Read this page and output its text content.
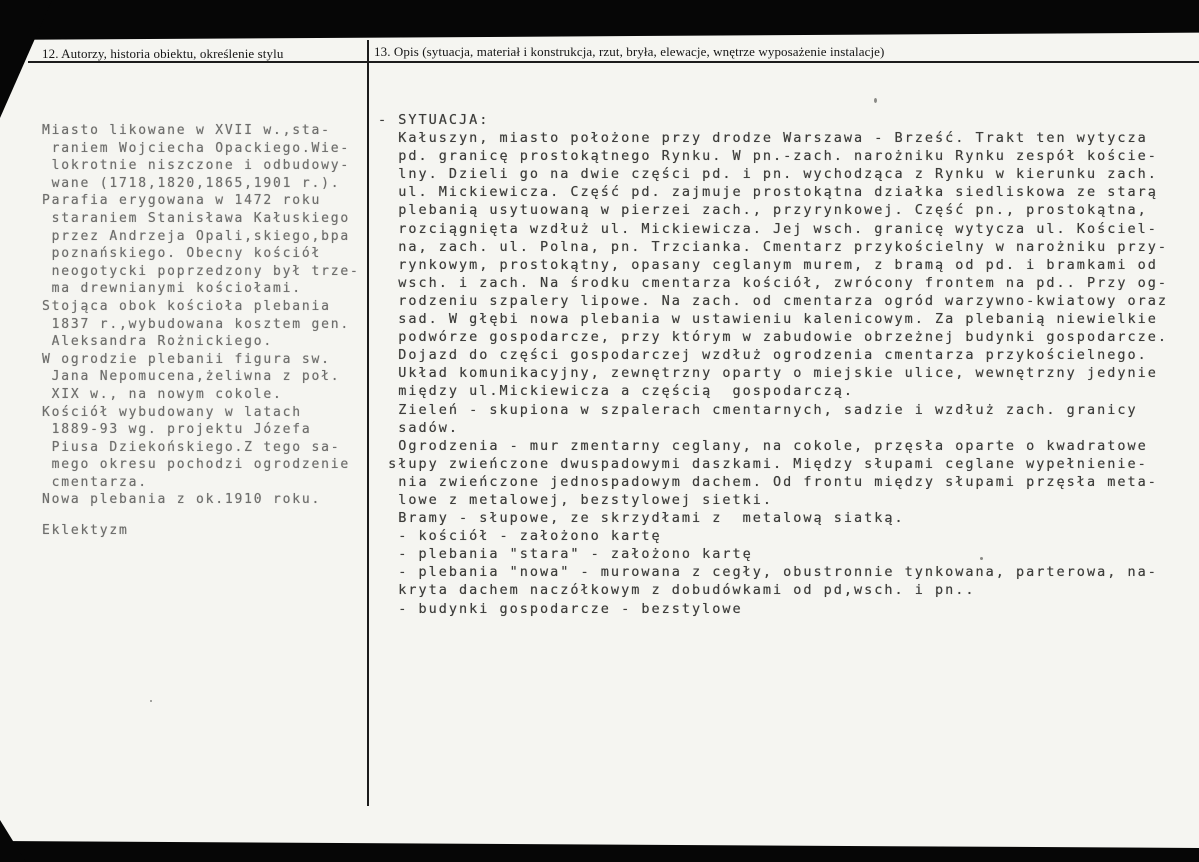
12. Autorzy, historia obiektu, określenie stylu	13. Opis (sytuacja, materiał i konstrukcja, rzut, bryła, elewacje, wnętrze wyposażenie instalacje)
Miasto likowane w XVII w.,sta-
raniem Wojciecha Opackiego.Wie-
lokrotnie niszczone i odbudowy-
wane (1718,1820,1865,1901 r.).
Parafia erygowana w 1472 roku
staraniem Stanisława Kałuskiego
przez Andrzeja Opali,skiego,bpa
poznańskiego. Obecny kościół
neogotycki poprzedzony był trze-
ma drewnianymi kościołami.
Stojąca obok kościoła plebania
1837 r.,wybudowana kosztem gen.
Aleksandra Rożnickiego.
W ogrodzie plebanii figura sw.
Jana Nepomucena,żeliwna z poł.
XIX w., na nowym cokole.
Kościół wybudowany w latach
1889-93 wg. projektu Józefa
Piusa Dziekońskiego.Z tego sa-
mego okresu pochodzi ogrodzenie
cmentarza.
Nowa plebania z ok.1910 roku.
Eklektyzm
- SYTUACJA:
Kałuszyn, miasto położone przy drodze Warszawa - Brześć. Trakt ten wytycza
pd. granicę prostokątnego Rynku. W pn.-zach. narożniku Rynku zespół koście-
lny. Dzieli go na dwie części pd. i pn. wychodząca z Rynku w kierunku zach.
ul. Mickiewicza. Część pd. zajmuje prostokątna działka siedliskowa ze starą
plebanią usytuowaną w pierzei zach., przyrynkowej. Część pn., prostokątna,
rozciągnięta wzdłuż ul. Mickiewicza. Jej wsch. granicę wytycza ul. Kościel-
na, zach. ul. Polna, pn. Trzcianka. Cmentarz przykościelny w narożniku przy-
rynkowym, prostokątny, opasany ceglanym murem, z bramą od pd. i bramkami od
wsch. i zach. Na środku cmentarza kościół, zwrócony frontem na pd.. Przy og-
rodzeniu szpalery lipowe. Na zach. od cmentarza ogród warzywno-kwiatowy oraz
sad. W głębi nowa plebania w ustawieniu kalenicowym. Za plebanią niewielkie
podwórze gospodarcze, przy którym w zabudowie obrzeżnej budynki gospodarcze.
Dojazd do części gospodarczej wzdłuż ogrodzenia cmentarza przykościelnego.
Układ komunikacyjny, zewnętrzny oparty o miejskie ulice, wewnętrzny jedynie
między ul.Mickiewicza a częścią  gospodarczą.
Zieleń - skupiona w szpalerach cmentarnych, sadzie i wzdłuż zach. granicy
sadów.
Ogrodzenia - mur zmentarny ceglany, na cokole, przęsła oparte o kwadratowe
słupy zwieńczone dwuspadowymi daszkami. Między słupami ceglane wypełnienie-
nia zwieńczone jednospadowym dachem. Od frontu między słupami przęsła meta-
lowe z metalowej, bezstylowej sietki.
Bramy - słupowe, ze skrzydłami z  metalową siatką.
- kościół - założono kartę
- plebania "stara" - założono kartę
- plebania "nowa" - murowana z cegły, obustronnie tynkowana, parterowa, na-
kryta dachem naczółkowym z dobudówkami od pd,wsch. i pn..
- budynki gospodarcze - bezstylowe
